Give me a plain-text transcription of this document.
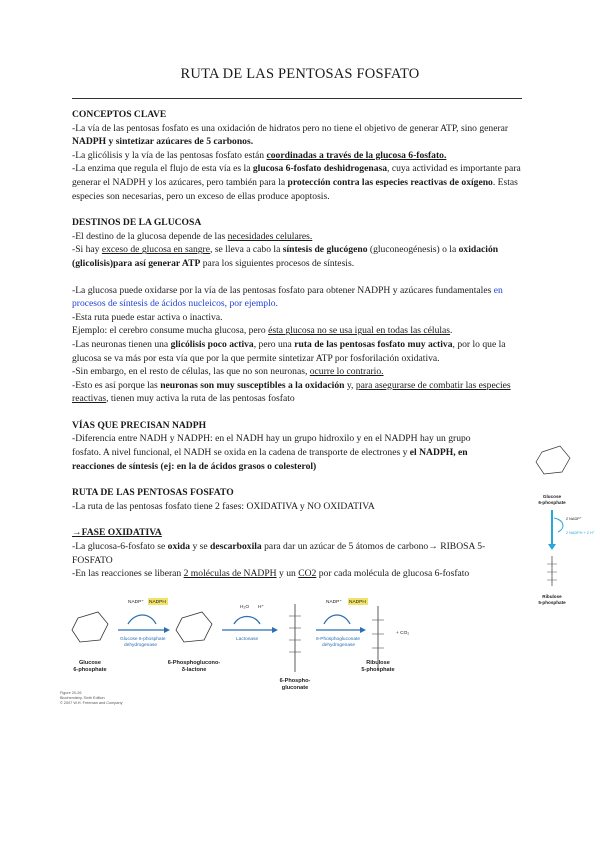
RUTA DE LAS PENTOSAS FOSFATO
CONCEPTOS CLAVE

-La vía de las pentosas fosfato es una oxidación de hidratos pero no tiene el objetivo de generar ATP, sino generar NADPH y sintetizar azúcares de 5 carbonos.

-La glicólisis y la vía de las pentosas fosfato están coordinadas a través de la glucosa 6-fosfato.

-La enzima que regula el flujo de esta vía es la glucosa 6-fosfato deshidrogenasa, cuya actividad es importante para generar el NADPH y los azúcares, pero también para la protección contra las especies reactivas de oxígeno. Estas especies son necesarias, pero un exceso de ellas produce apoptosis.

DESTINOS DE LA GLUCOSA

-El destino de la glucosa depende de las necesidades celulares.

-Si hay exceso de glucosa en sangre, se lleva a cabo la síntesis de glucógeno (gluconeogénesis) o la oxidación (glicolisis)para así generar ATP para los siguientes procesos de síntesis.

-La glucosa puede oxidarse por la vía de las pentosas fosfato para obtener NADPH y azúcares fundamentales en procesos de síntesis de ácidos nucleicos, por ejemplo.

-Esta ruta puede estar activa o inactiva.

Ejemplo: el cerebro consume mucha glucosa, pero ésta glucosa no se usa igual en todas las células.

-Las neuronas tienen una glicólisis poco activa, pero una ruta de las pentosas fosfato muy activa, por lo que la glucosa se va más por esta vía que por la que permite sintetizar ATP por fosforilación oxidativa.

-Sin embargo, en el resto de células, las que no son neuronas, ocurre lo contrario.

-Esto es así porque las neuronas son muy susceptibles a la oxidación y, para asegurarse de combatir las especies reactivas, tienen muy activa la ruta de las pentosas fosfato

VÍAS QUE PRECISAN NADPH

-Diferencia entre NADH y NADPH: en el NADH hay un grupo hidroxilo y en el NADPH hay un grupo fosfato. A nivel funcional, el NADH se oxida en la cadena de transporte de electrones y el NADPH, en reacciones de síntesis (ej: en la de ácidos grasos o colesterol)

RUTA DE LAS PENTOSAS FOSFATO

-La ruta de las pentosas fosfato tiene 2 fases: OXIDATIVA y NO OXIDATIVA

→FASE OXIDATIVA

-La glucosa-6-fosfato se oxida y se descarboxila para dar un azúcar de 5 átomos de carbono→ RIBOSA 5-FOSFATO

-En las reacciones se liberan 2 moléculas de NADPH y un CO2 por cada molécula de glucosa 6-fosfato

NADP⁺ NADPH
Glucose 6-phosphate
dehydrogenase
H₂O H⁺
Lactonase
NADP⁺ NADPH
6-Phosphogluconate
dehydrogenase
+ CO₂
Glucose
6-phosphate
6-Phosphoglucono-
δ-lactone
6-Phospho-
gluconate
Ribulose
5-phosphate
Figure 20-26
Biochemistry, Sixth Edition
© 2007 W.H. Freeman and Company
Glucose
6-phosphate
2 NADP⁺
2 NADPH + 2 H⁺
Ribulose
5-phosphate
